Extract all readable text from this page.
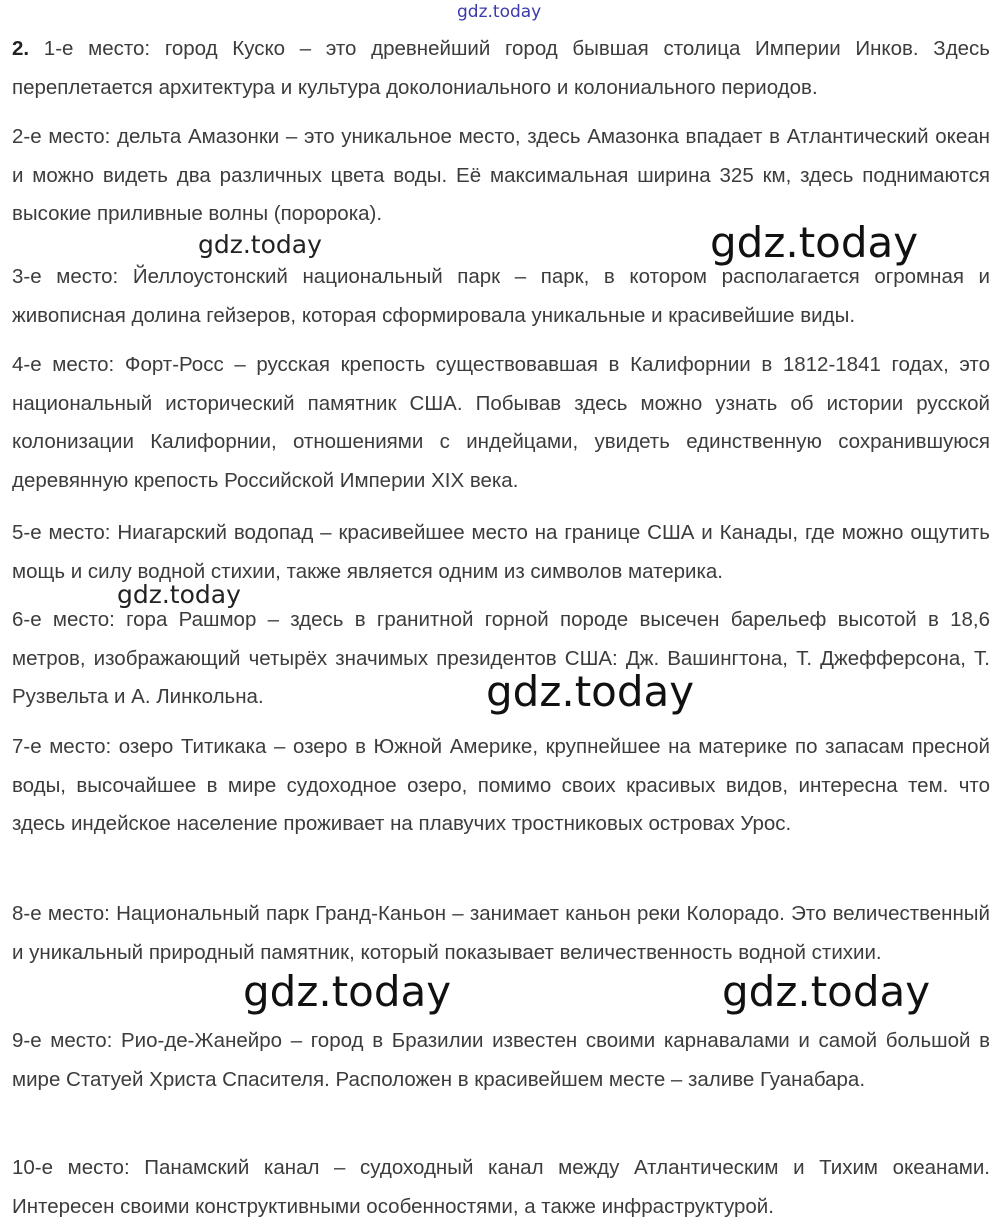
gdz.today

2. 1-е место: город Куско – это древнейший город бывшая столица Империи Инков. Здесь переплетается архитектура и культура доколониального и колониального периодов.

2-е место: дельта Амазонки – это уникальное место, здесь Амазонка впадает в Атлантический океан и можно видеть два различных цвета воды. Её максимальная ширина 325 км, здесь поднимаются высокие приливные волны (поророка).

3-е место: Йеллоустонский национальный парк – парк, в котором располагается огромная и живописная долина гейзеров, которая сформировала уникальные и красивейшие виды.

4-е место: Форт-Росс – русская крепость существовавшая в Калифорнии в 1812-1841 годах, это национальный исторический памятник США. Побывав здесь можно узнать об истории русской колонизации Калифорнии, отношениями с индейцами, увидеть единственную сохранившуюся деревянную крепость Российской Империи XIX века.

5-е место: Ниагарский водопад – красивейшее место на границе США и Канады, где можно ощутить мощь и силу водной стихии, также является одним из символов материка.

6-е место: гора Рашмор – здесь в гранитной горной породе высечен барельеф высотой в 18,6 метров, изображающий четырёх значимых президентов США: Дж. Вашингтона, Т. Джефферсона, Т. Рузвельта и А. Линкольна.

7-е место: озеро Титикака – озеро в Южной Америке, крупнейшее на материке по запасам пресной воды, высочайшее в мире судоходное озеро, помимо своих красивых видов, интересна тем. что здесь индейское население проживает на плавучих тростниковых островах Урос.

8-е место: Национальный парк Гранд-Каньон – занимает каньон реки Колорадо. Это величественный и уникальный природный памятник, который показывает величественность водной стихии.

9-е место: Рио-де-Жанейро – город в Бразилии известен своими карнавалами и самой большой в мире Статуей Христа Спасителя. Расположен в красивейшем месте – заливе Гуанабара.

10-е место: Панамский канал – судоходный канал между Атлантическим и Тихим океанами. Интересен своими конструктивными особенностями, а также инфраструктурой.

gdz.today	gdz.today
gdz.today
gdz.today
gdz.today	gdz.today
